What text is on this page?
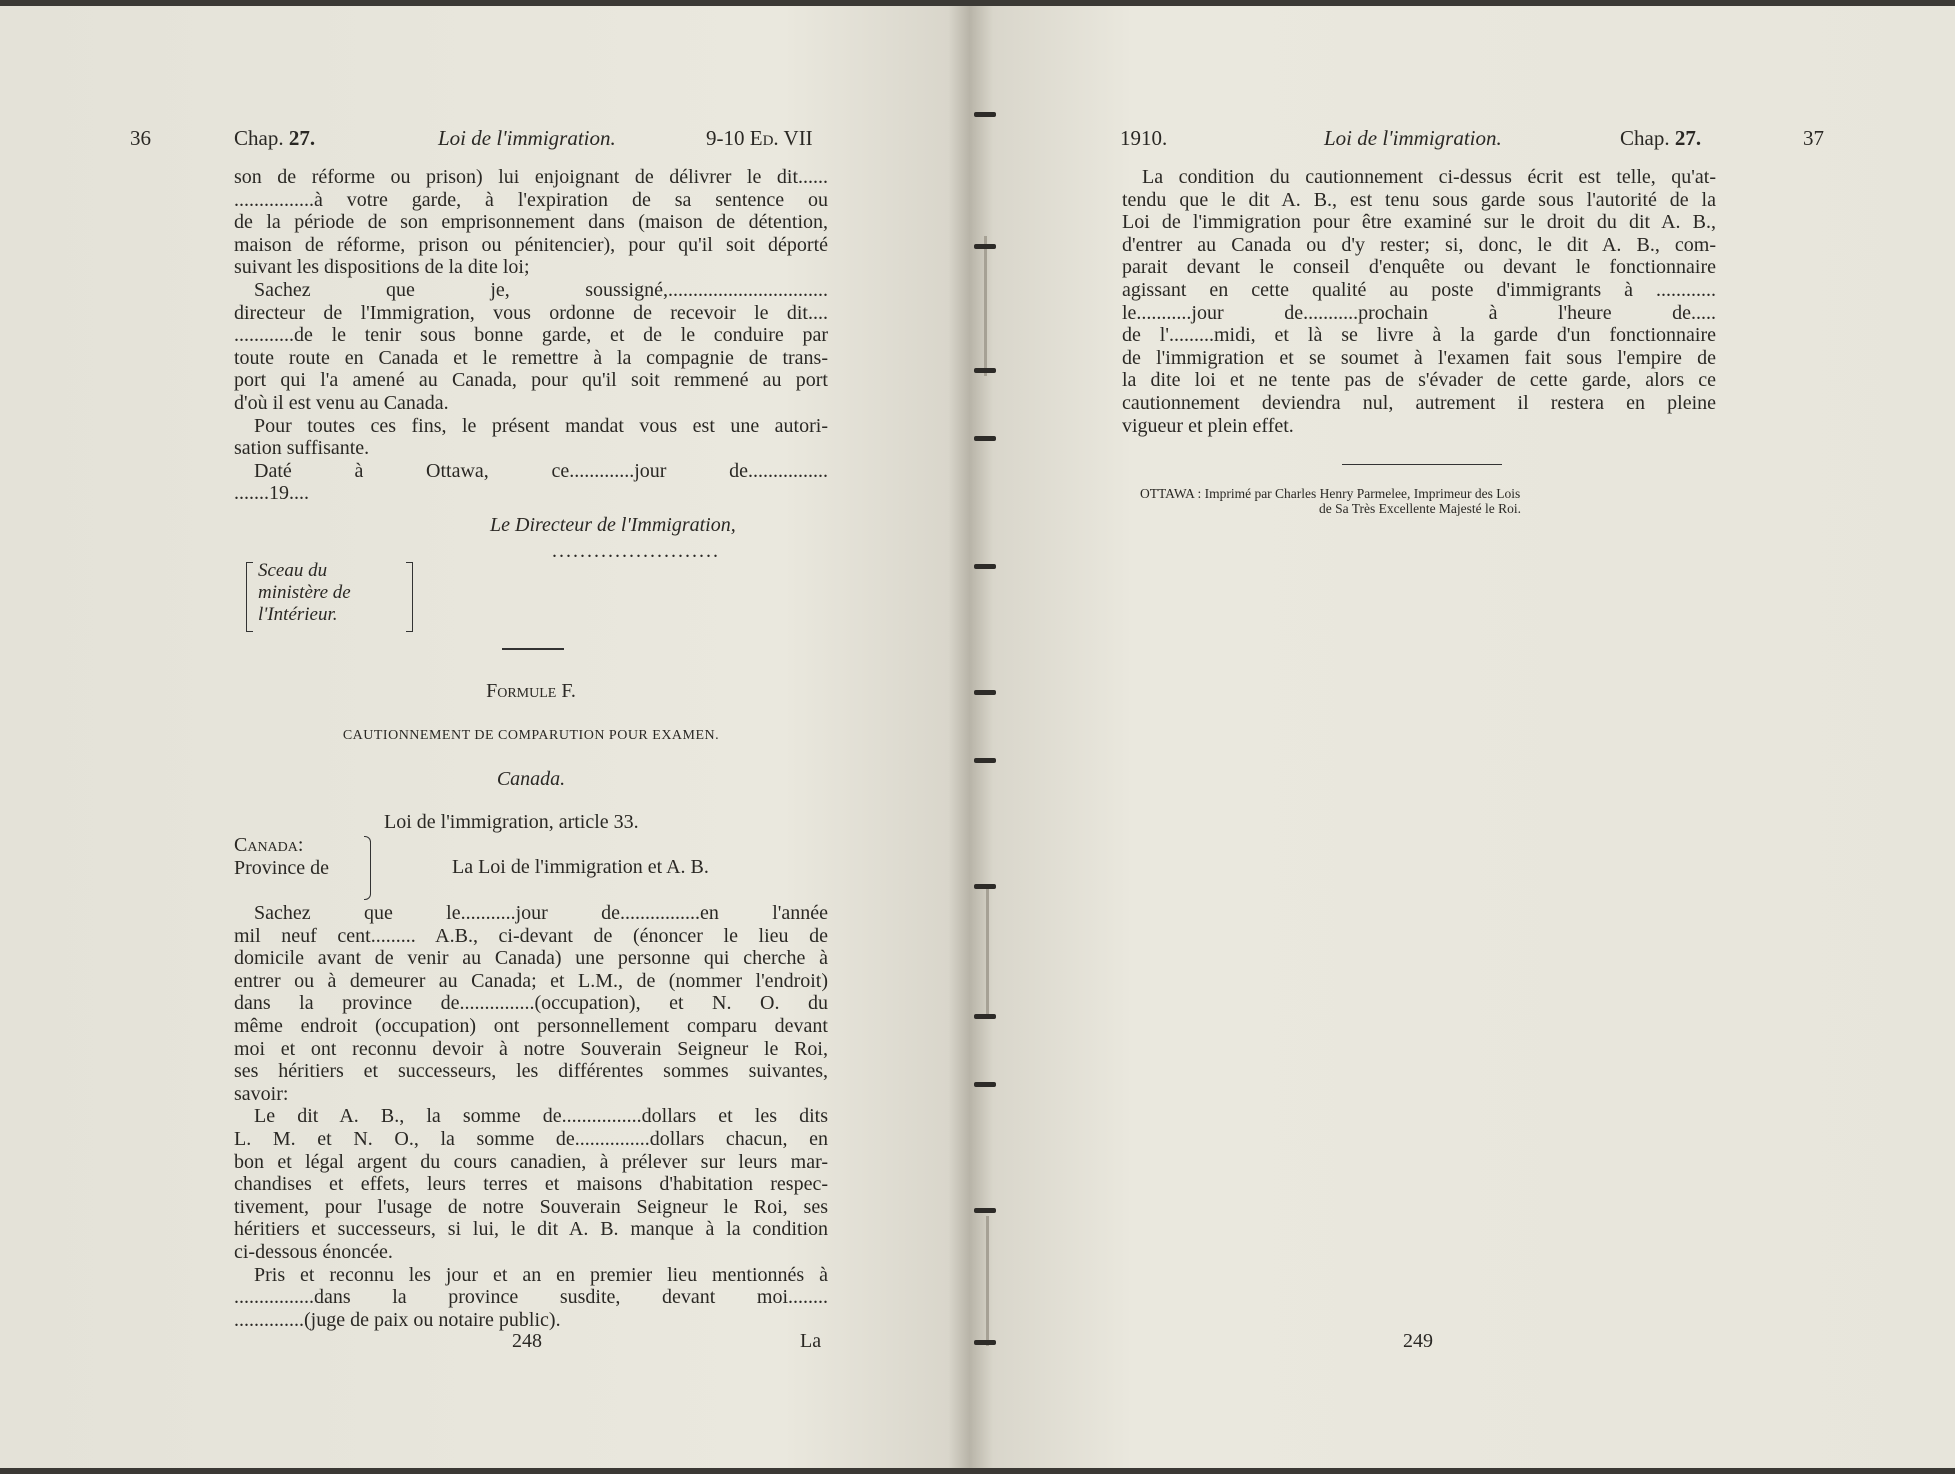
36	Chap. 27.	Loi de l'immigration.	9-10 Ed. VII
son de réforme ou prison) lui enjoignant de délivrer le dit......
................à votre garde, à l'expiration de sa sentence ou
de la période de son emprisonnement dans (maison de détention,
maison de réforme, prison ou pénitencier), pour qu'il soit déporté
suivant les dispositions de la dite loi;
Sachez que je, soussigné,................................
directeur de l'Immigration, vous ordonne de recevoir le dit....
............de le tenir sous bonne garde, et de le conduire par
toute route en Canada et le remettre à la compagnie de trans-
port qui l'a amené au Canada, pour qu'il soit remmené au port
d'où il est venu au Canada.
Pour toutes ces fins, le présent mandat vous est une autori-
sation suffisante.
Daté à Ottawa, ce.............jour de................
.......19....
Le Directeur de l'Immigration,
........................
Sceau du
ministère de
l'Intérieur.
Formule F.
CAUTIONNEMENT DE COMPARUTION POUR EXAMEN.
Canada.
Loi de l'immigration, article 33.
Canada:
Province de	La Loi de l'immigration et A. B.
Sachez que le...........jour de................en l'année
mil neuf cent......... A.B., ci-devant de (énoncer le lieu de
domicile avant de venir au Canada) une personne qui cherche à
entrer ou à demeurer au Canada; et L.M., de (nommer l'endroit)
dans la province de...............(occupation), et N. O. du
même endroit (occupation) ont personnellement comparu devant
moi et ont reconnu devoir à notre Souverain Seigneur le Roi,
ses héritiers et successeurs, les différentes sommes suivantes,
savoir:
Le dit A. B., la somme de................dollars et les dits
L. M. et N. O., la somme de...............dollars chacun, en
bon et légal argent du cours canadien, à prélever sur leurs mar-
chandises et effets, leurs terres et maisons d'habitation respec-
tivement, pour l'usage de notre Souverain Seigneur le Roi, ses
héritiers et successeurs, si lui, le dit A. B. manque à la condition
ci-dessous énoncée.
Pris et reconnu les jour et an en premier lieu mentionnés à
................dans la province susdite, devant moi........
..............(juge de paix ou notaire public).
248	La
1910.	Loi de l'immigration.	Chap. 27.	37
La condition du cautionnement ci-dessus écrit est telle, qu'at-
tendu que le dit A. B., est tenu sous garde sous l'autorité de la
Loi de l'immigration pour être examiné sur le droit du dit A. B.,
d'entrer au Canada ou d'y rester; si, donc, le dit A. B., com-
parait devant le conseil d'enquête ou devant le fonctionnaire
agissant en cette qualité au poste d'immigrants à ............
le...........jour de...........prochain à l'heure de.....
de l'.........midi, et là se livre à la garde d'un fonctionnaire
de l'immigration et se soumet à l'examen fait sous l'empire de
la dite loi et ne tente pas de s'évader de cette garde, alors ce
cautionnement deviendra nul, autrement il restera en pleine
vigueur et plein effet.
OTTAWA : Imprimé par Charles Henry Parmelee, Imprimeur des Lois
de Sa Très Excellente Majesté le Roi.
249
